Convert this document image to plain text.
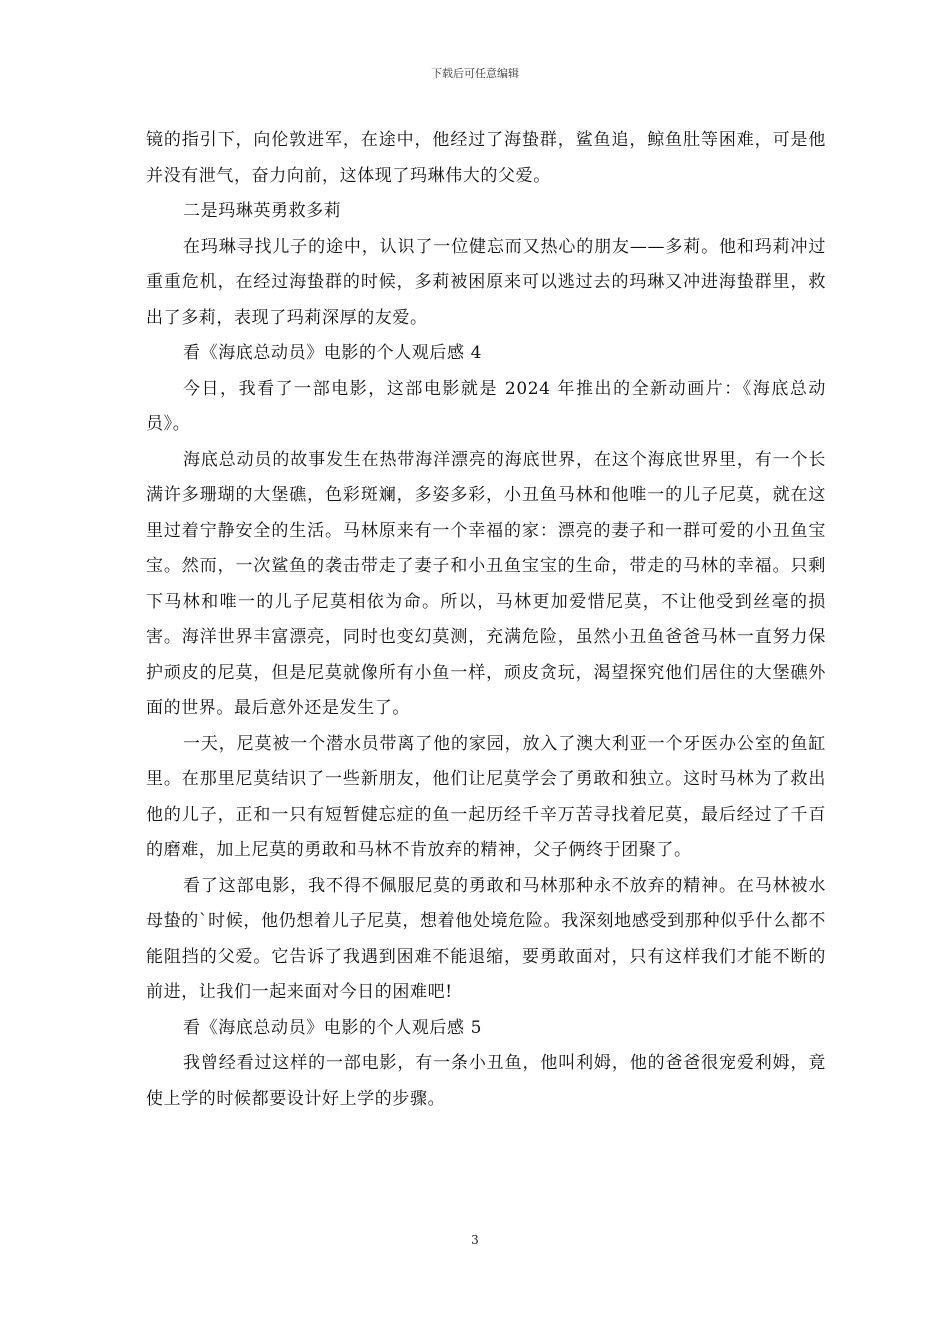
下载后可任意编辑

镜的指引下，向伦敦进军，在途中，他经过了海蛰群，鲨鱼追，鲸鱼肚等困难，可是他并没有泄气，奋力向前，这体现了玛琳伟大的父爱。

二是玛琳英勇救多莉

在玛琳寻找儿子的途中，认识了一位健忘而又热心的朋友——多莉。他和玛莉冲过重重危机，在经过海蛰群的时候，多莉被困原来可以逃过去的玛琳又冲进海蛰群里，救出了多莉，表现了玛莉深厚的友爱。

看《海底总动员》电影的个人观后感 4

今日，我看了一部电影，这部电影就是 2024 年推出的全新动画片：《海底总动员》。

海底总动员的故事发生在热带海洋漂亮的海底世界，在这个海底世界里，有一个长满许多珊瑚的大堡礁，色彩斑斓，多姿多彩，小丑鱼马林和他唯一的儿子尼莫，就在这里过着宁静安全的生活。马林原来有一个幸福的家：漂亮的妻子和一群可爱的小丑鱼宝宝。然而，一次鲨鱼的袭击带走了妻子和小丑鱼宝宝的生命，带走的马林的幸福。只剩下马林和唯一的儿子尼莫相依为命。所以，马林更加爱惜尼莫，不让他受到丝毫的损害。海洋世界丰富漂亮，同时也变幻莫测，充满危险，虽然小丑鱼爸爸马林一直努力保护顽皮的尼莫，但是尼莫就像所有小鱼一样，顽皮贪玩，渴望探究他们居住的大堡礁外面的世界。最后意外还是发生了。

一天，尼莫被一个潜水员带离了他的家园，放入了澳大利亚一个牙医办公室的鱼缸里。在那里尼莫结识了一些新朋友，他们让尼莫学会了勇敢和独立。这时马林为了救出他的儿子，正和一只有短暂健忘症的鱼一起历经千辛万苦寻找着尼莫，最后经过了千百的磨难，加上尼莫的勇敢和马林不肯放弃的精神，父子俩终于团聚了。

看了这部电影，我不得不佩服尼莫的勇敢和马林那种永不放弃的精神。在马林被水母蛰的`时候，他仍想着儿子尼莫，想着他处境危险。我深刻地感受到那种似乎什么都不能阻挡的父爱。它告诉了我遇到困难不能退缩，要勇敢面对，只有这样我们才能不断的前进，让我们一起来面对今日的困难吧!

看《海底总动员》电影的个人观后感 5

我曾经看过这样的一部电影，有一条小丑鱼，他叫利姆，他的爸爸很宠爱利姆，竟使上学的时候都要设计好上学的步骤。

3
